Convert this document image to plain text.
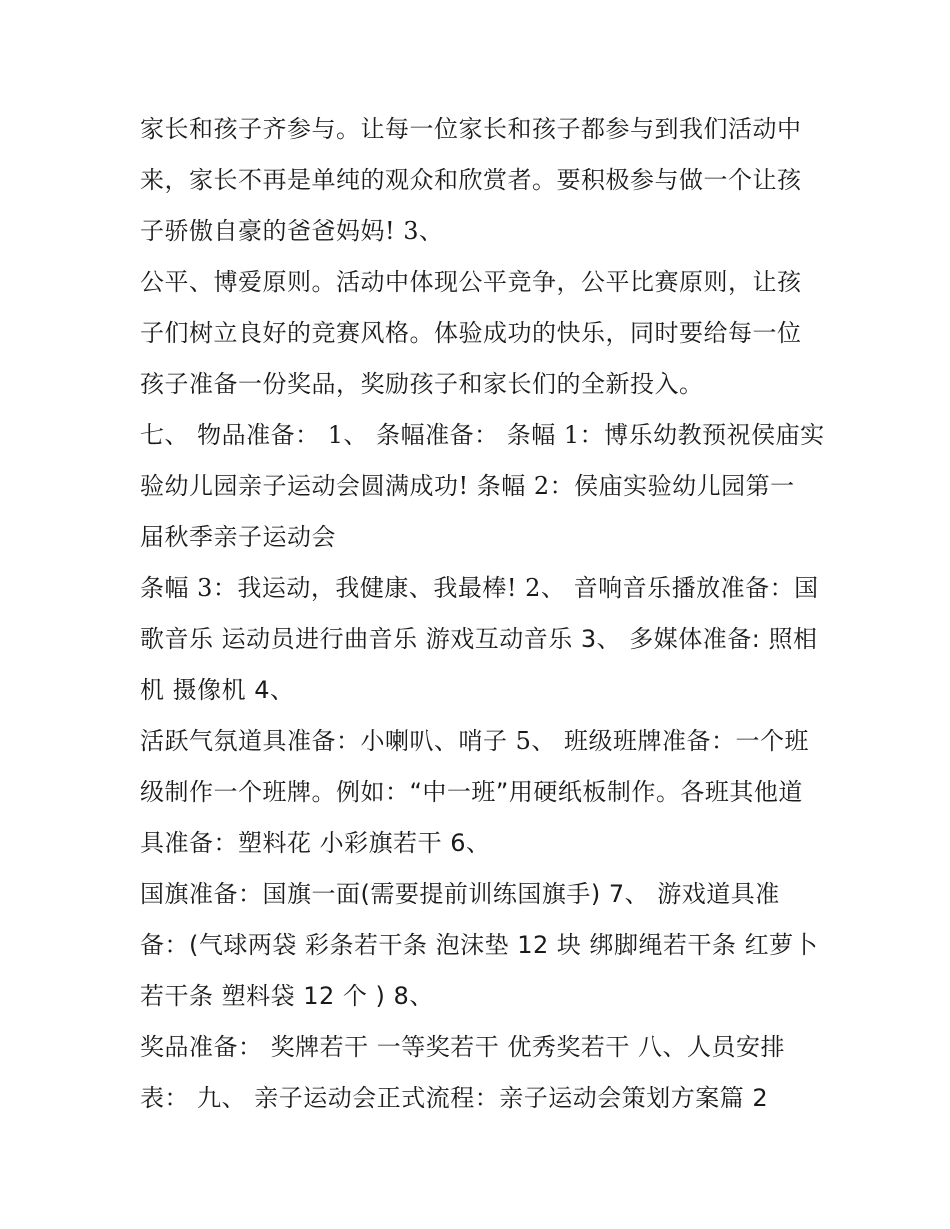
家长和孩子齐参与。让每一位家长和孩子都参与到我们活动中
来，家长不再是单纯的观众和欣赏者。要积极参与做一个让孩
子骄傲自豪的爸爸妈妈! 3、
公平、博爱原则。活动中体现公平竞争，公平比赛原则，让孩
子们树立良好的竞赛风格。体验成功的快乐，同时要给每一位
孩子准备一份奖品，奖励孩子和家长们的全新投入。
七、 物品准备： 1、 条幅准备： 条幅 1：博乐幼教预祝侯庙实
验幼儿园亲子运动会圆满成功! 条幅 2：侯庙实验幼儿园第一
届秋季亲子运动会
条幅 3：我运动，我健康、我最棒! 2、 音响音乐播放准备：国
歌音乐 运动员进行曲音乐 游戏互动音乐 3、 多媒体准备: 照相
机 摄像机 4、
活跃气氛道具准备：小喇叭、哨子 5、 班级班牌准备：一个班
级制作一个班牌。例如：“中一班”用硬纸板制作。各班其他道
具准备：塑料花 小彩旗若干 6、
国旗准备：国旗一面(需要提前训练国旗手) 7、 游戏道具准
备：(气球两袋 彩条若干条 泡沫垫 12 块 绑脚绳若干条 红萝卜
若干条 塑料袋 12 个 ) 8、
奖品准备： 奖牌若干 一等奖若干 优秀奖若干 八、人员安排
表： 九、 亲子运动会正式流程：亲子运动会策划方案篇 2
